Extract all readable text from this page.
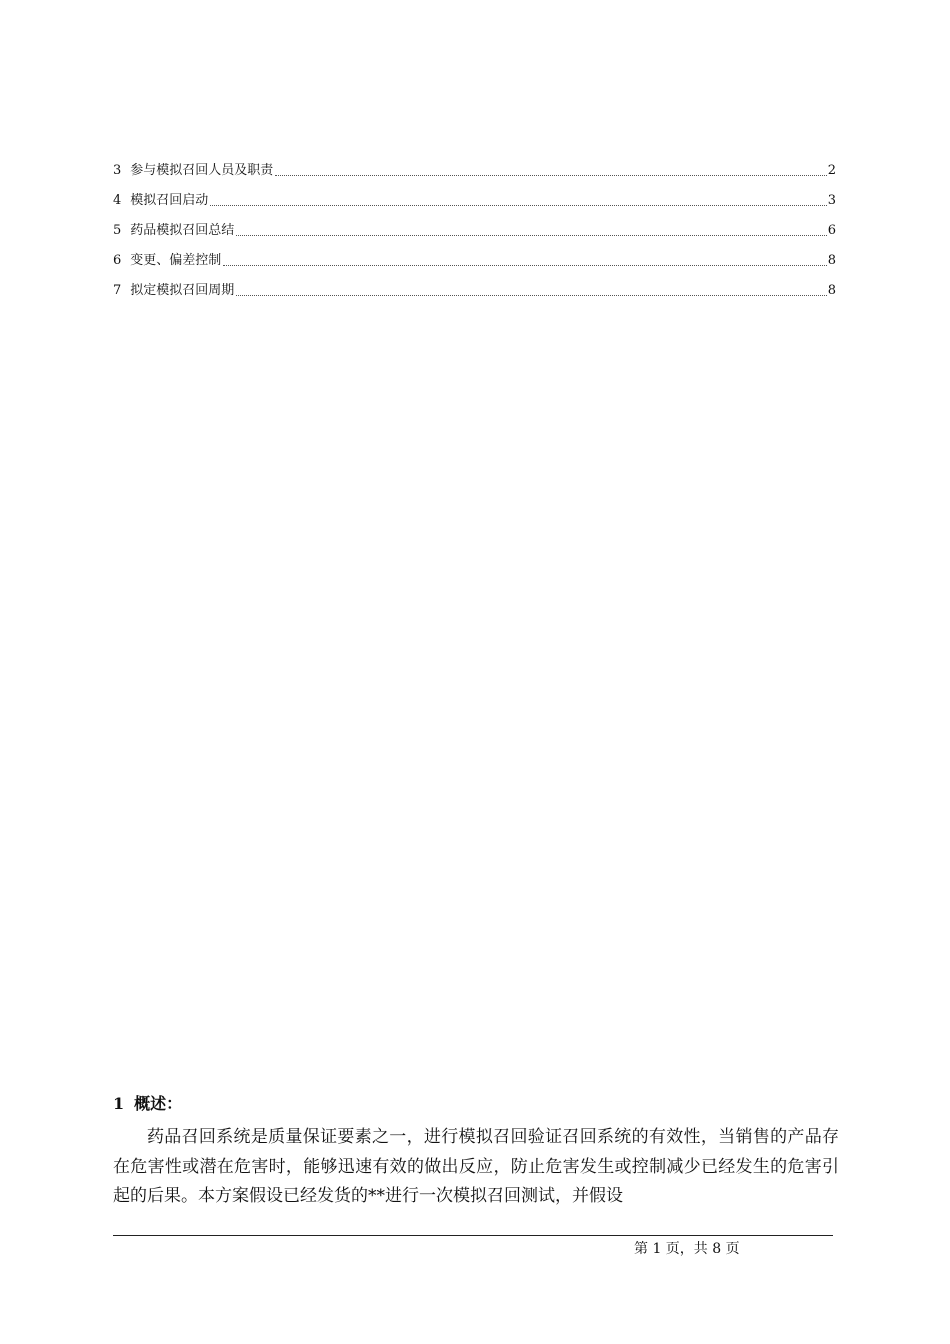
3 参与模拟召回人员及职责	2
4 模拟召回启动	3
5 药品模拟召回总结	6
6 变更、偏差控制	8
7 拟定模拟召回周期	8
1 概述：

药品召回系统是质量保证要素之一，进行模拟召回验证召回系统的有效性，当销售的产品存在危害性或潜在危害时，能够迅速有效的做出反应，防止危害发生或控制减少已经发生的危害引起的后果。本方案假设已经发货的**进行一次模拟召回测试，并假设

第 1 页，共 8 页
